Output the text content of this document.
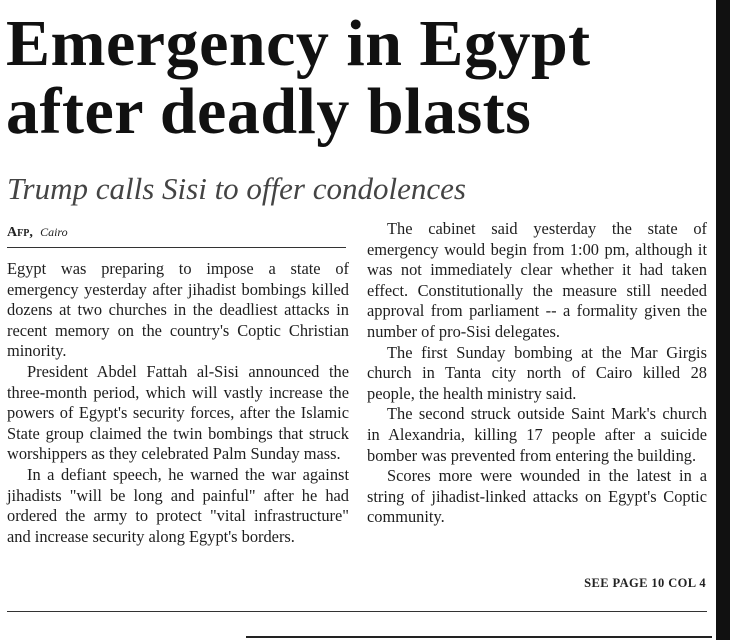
Emergency in Egypt
after deadly blasts
Trump calls Sisi to offer condolences
Afp, Cairo

Egypt was preparing to impose a state of emergency yesterday after jihadist bombings killed dozens at two churches in the deadliest attacks in recent memory on the country's Coptic Christian minority.

President Abdel Fattah al-Sisi announced the three-month period, which will vastly increase the powers of Egypt's security forces, after the Islamic State group claimed the twin bombings that struck worshippers as they celebrated Palm Sunday mass.

In a defiant speech, he warned the war against jihadists "will be long and painful" after he had ordered the army to protect "vital infrastructure" and increase security along Egypt's borders.

The cabinet said yesterday the state of emergency would begin from 1:00 pm, although it was not immediately clear whether it had taken effect. Constitutionally the measure still needed approval from parliament -- a formality given the number of pro-Sisi delegates.

The first Sunday bombing at the Mar Girgis church in Tanta city north of Cairo killed 28 people, the health ministry said.

The second struck outside Saint Mark's church in Alexandria, killing 17 people after a suicide bomber was prevented from entering the building.

Scores more were wounded in the latest in a string of jihadist-linked attacks on Egypt's Coptic community.

SEE PAGE 10 COL 4
